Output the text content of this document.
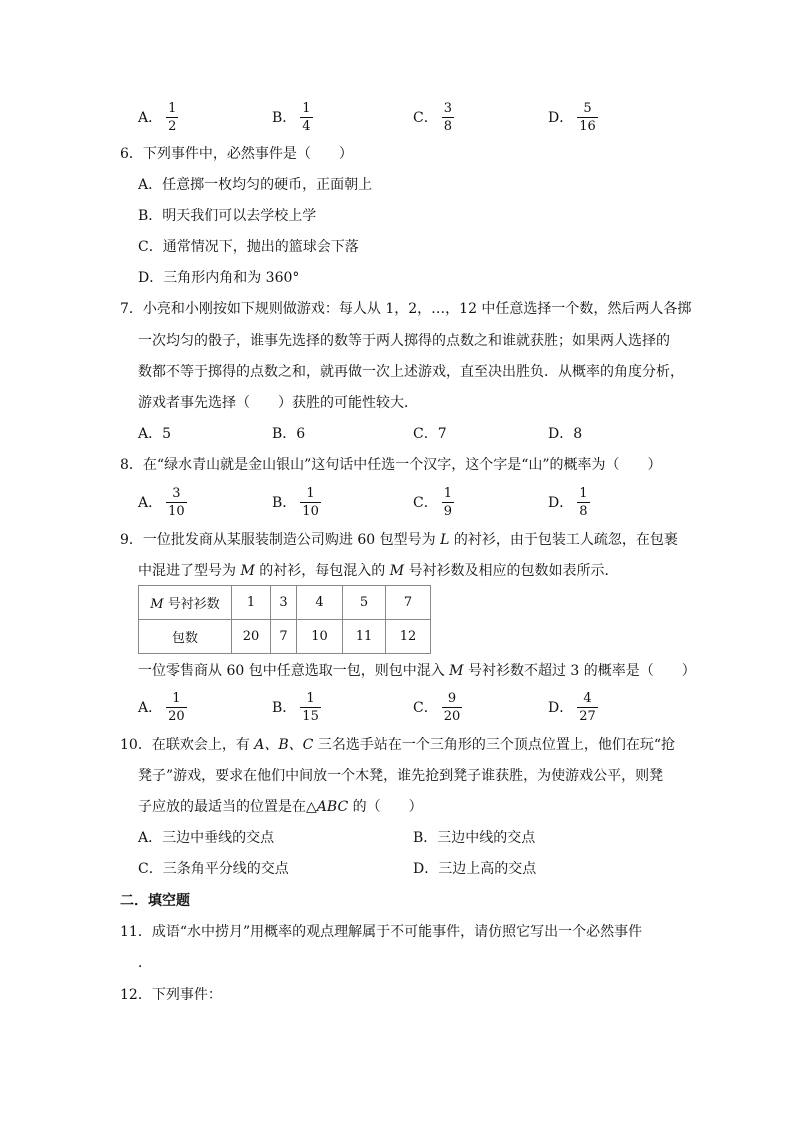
A． $\frac{1}{2}$	B． $\frac{1}{4}$	C． $\frac{3}{8}$	D． $\frac{5}{16}$
6．下列事件中，必然事件是（　　）
A．任意掷一枚均匀的硬币，正面朝上
B．明天我们可以去学校上学
C．通常情况下，抛出的篮球会下落
D．三角形内角和为 360°
7．小亮和小刚按如下规则做游戏：每人从 1，2，…，12 中任意选择一个数，然后两人各掷
一次均匀的骰子，谁事先选择的数等于两人掷得的点数之和谁就获胜；如果两人选择的
数都不等于掷得的点数之和，就再做一次上述游戏，直至决出胜负．从概率的角度分析，
游戏者事先选择（　　）获胜的可能性较大．
A．5	B．6	C．7	D．8
8．在“绿水青山就是金山银山”这句话中任选一个汉字，这个字是“山”的概率为（　　）
A． $\frac{3}{10}$	B． $\frac{1}{10}$	C． $\frac{1}{9}$	D． $\frac{1}{8}$
9．一位批发商从某服装制造公司购进 60 包型号为 L 的衬衫，由于包装工人疏忽，在包裹
中混进了型号为 M 的衬衫，每包混入的 M 号衬衫数及相应的包数如表所示．
M 号衬衫数	1	3	4	5	7
包数	20	7	10	11	12
一位零售商从 60 包中任意选取一包，则包中混入 M 号衬衫数不超过 3 的概率是（　　）
A． $\frac{1}{20}$	B． $\frac{1}{15}$	C． $\frac{9}{20}$	D． $\frac{4}{27}$
10．在联欢会上，有 A、B、C 三名选手站在一个三角形的三个顶点位置上，他们在玩“抢
凳子”游戏，要求在他们中间放一个木凳，谁先抢到凳子谁获胜，为使游戏公平，则凳
子应放的最适当的位置是在△ABC 的（　　）
A．三边中垂线的交点	B．三边中线的交点
C．三条角平分线的交点	D．三边上高的交点
二．填空题
11．成语“水中捞月”用概率的观点理解属于不可能事件，请仿照它写出一个必然事件
．
12．下列事件：
